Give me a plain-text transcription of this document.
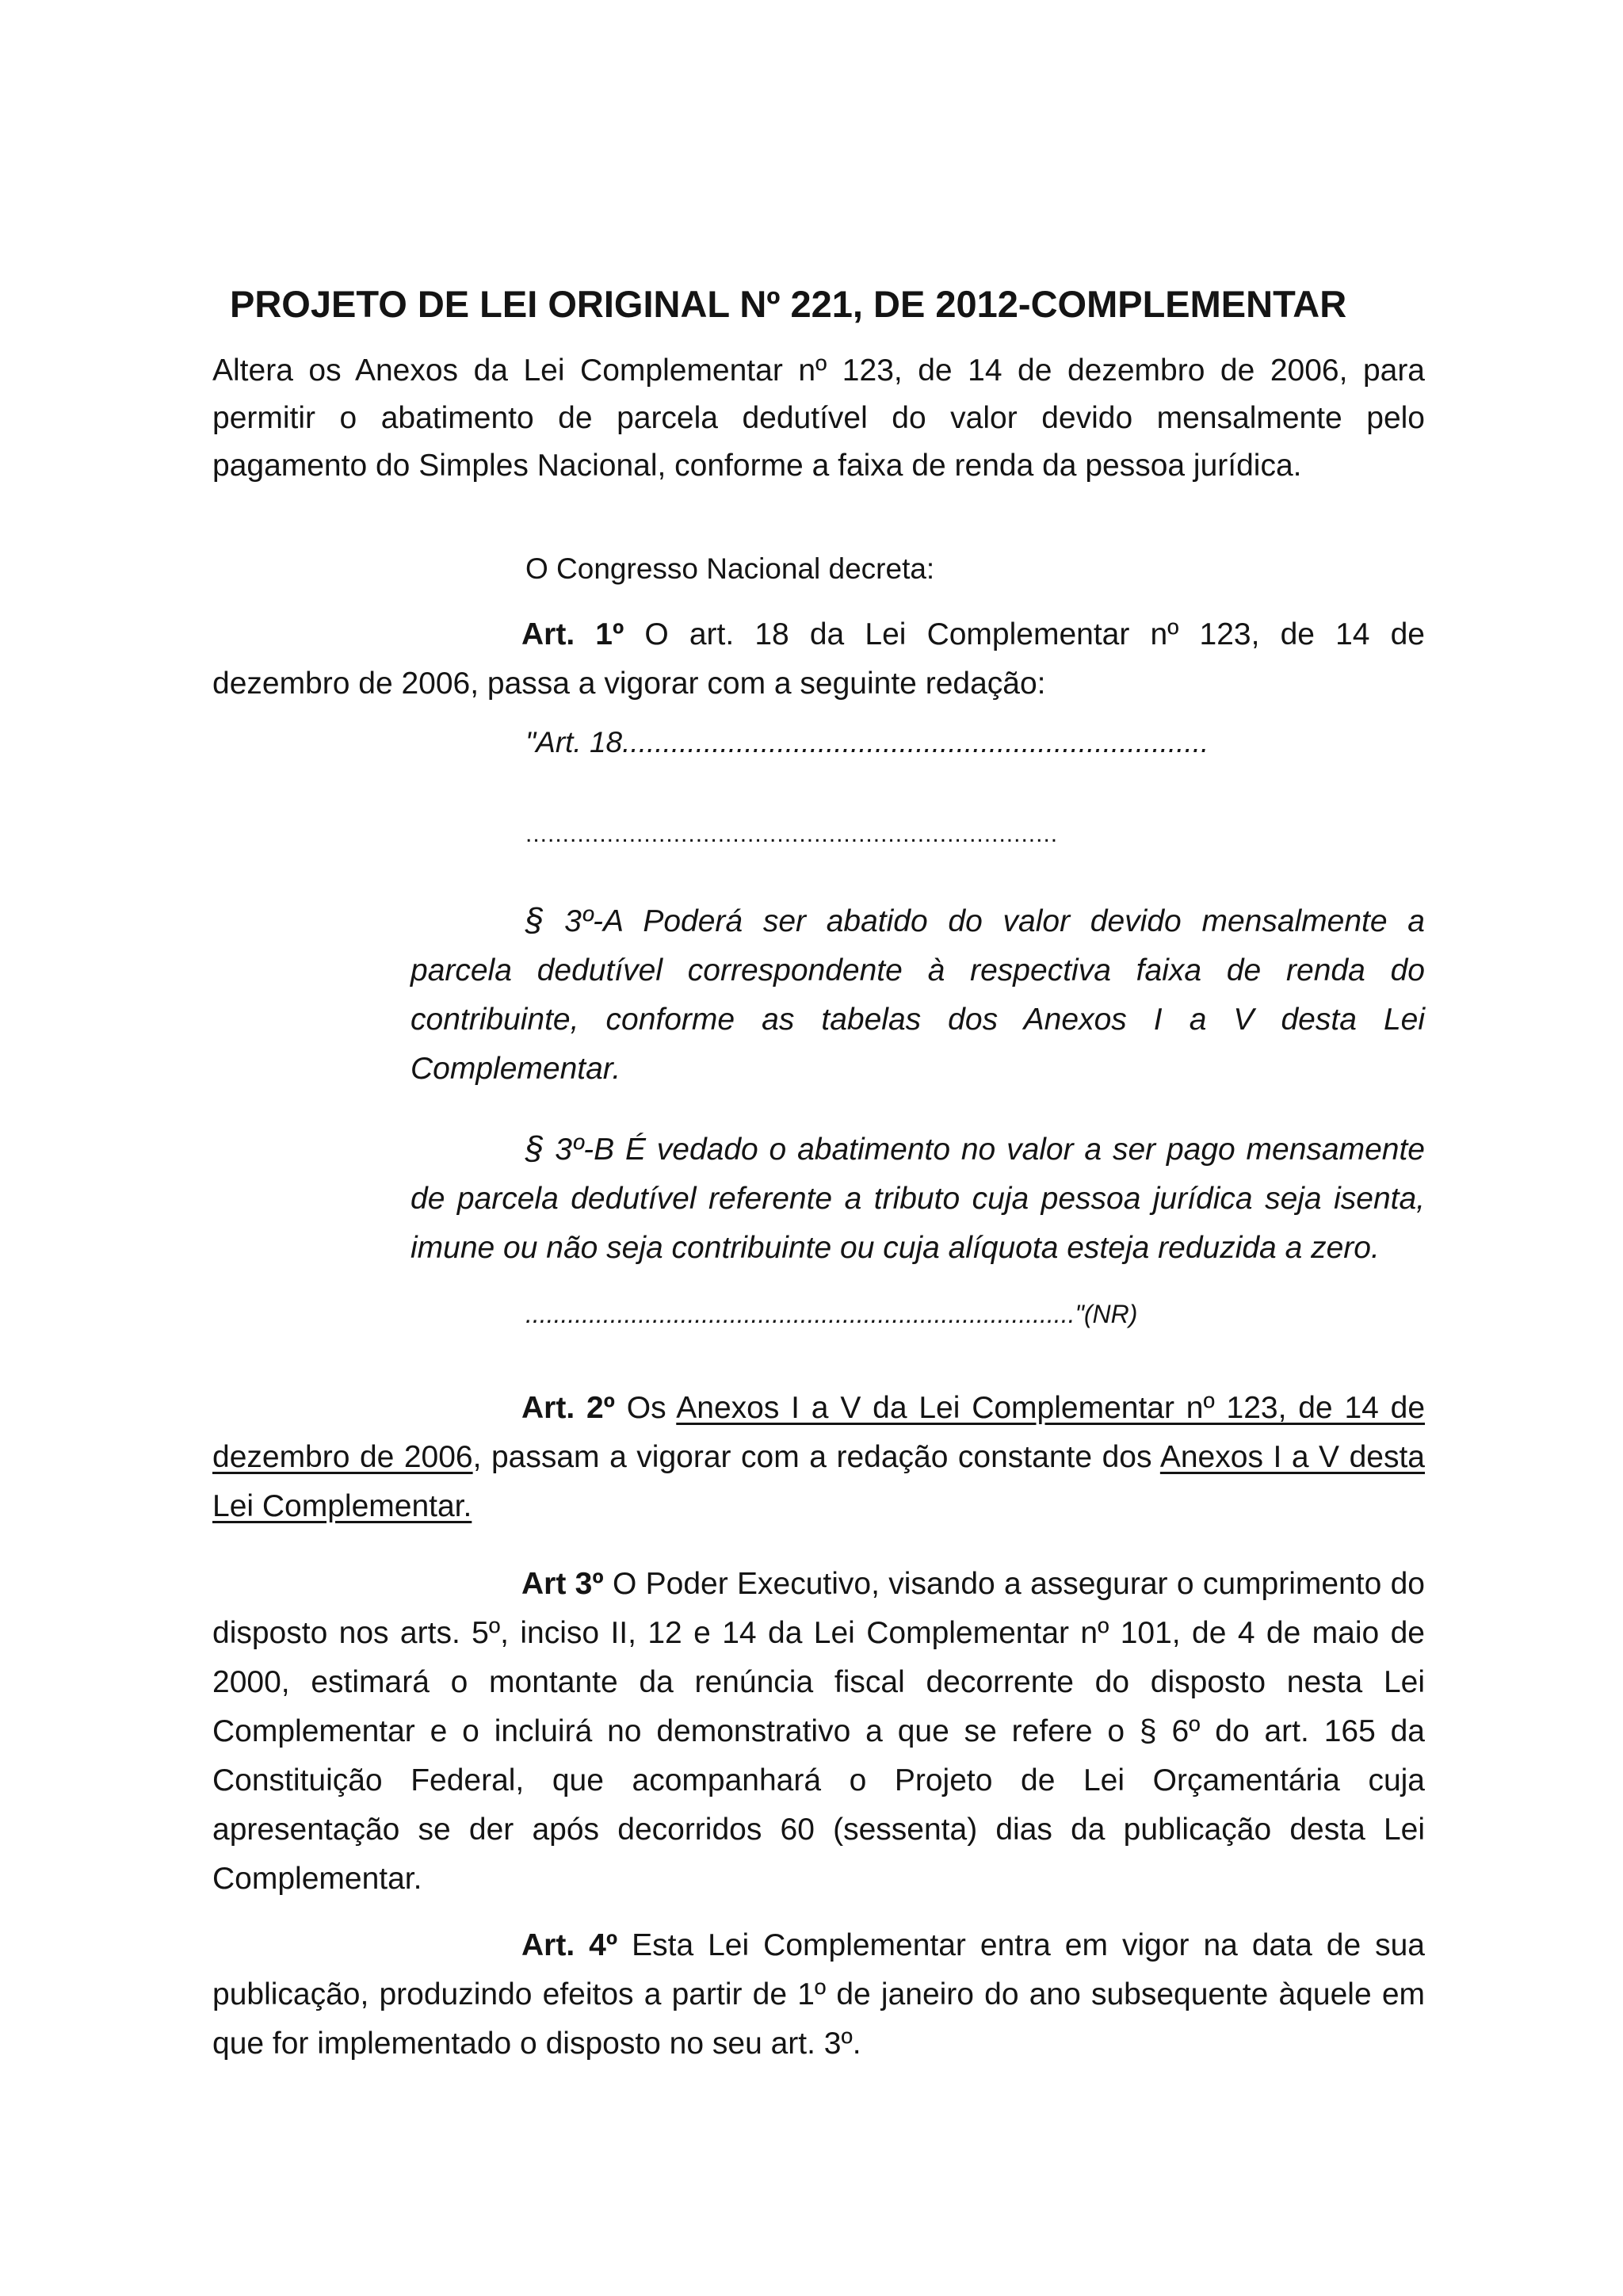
PROJETO DE LEI ORIGINAL Nº 221, DE 2012-COMPLEMENTAR

Altera os Anexos da Lei Complementar nº 123, de 14 de dezembro de 2006, para permitir o abatimento de parcela dedutível do valor devido mensalmente pelo pagamento do Simples Nacional, conforme a faixa de renda da pessoa jurídica.

O Congresso Nacional decreta:

Art. 1º O art. 18 da Lei Complementar nº 123, de 14 de dezembro de 2006, passa a vigorar com a seguinte redação:

"Art. 18........................................................................

........................................................................

§ 3º-A Poderá ser abatido do valor devido mensalmente a parcela dedutível correspondente à respectiva faixa de renda do contribuinte, conforme as tabelas dos Anexos I a V desta Lei Complementar.

§ 3º-B É vedado o abatimento no valor a ser pago mensamente de parcela dedutível referente a tributo cuja pessoa jurídica seja isenta, imune ou não seja contribuinte ou cuja alíquota esteja reduzida a zero.

.............................................................................."(NR)

Art. 2º Os Anexos I a V da Lei Complementar nº 123, de 14 de dezembro de 2006, passam a vigorar com a redação constante dos Anexos I a V desta Lei Complementar.

Art 3º O Poder Executivo, visando a assegurar o cumprimento do disposto nos arts. 5º, inciso II, 12 e 14 da Lei Complementar nº 101, de 4 de maio de 2000, estimará o montante da renúncia fiscal decorrente do disposto nesta Lei Complementar e o incluirá no demonstrativo a que se refere o § 6º do art. 165 da Constituição Federal, que acompanhará o Projeto de Lei Orçamentária cuja apresentação se der após decorridos 60 (sessenta) dias da publicação desta Lei Complementar.

Art. 4º Esta Lei Complementar entra em vigor na data de sua publicação, produzindo efeitos a partir de 1º de janeiro do ano subsequente àquele em que for implementado o disposto no seu art. 3º.
